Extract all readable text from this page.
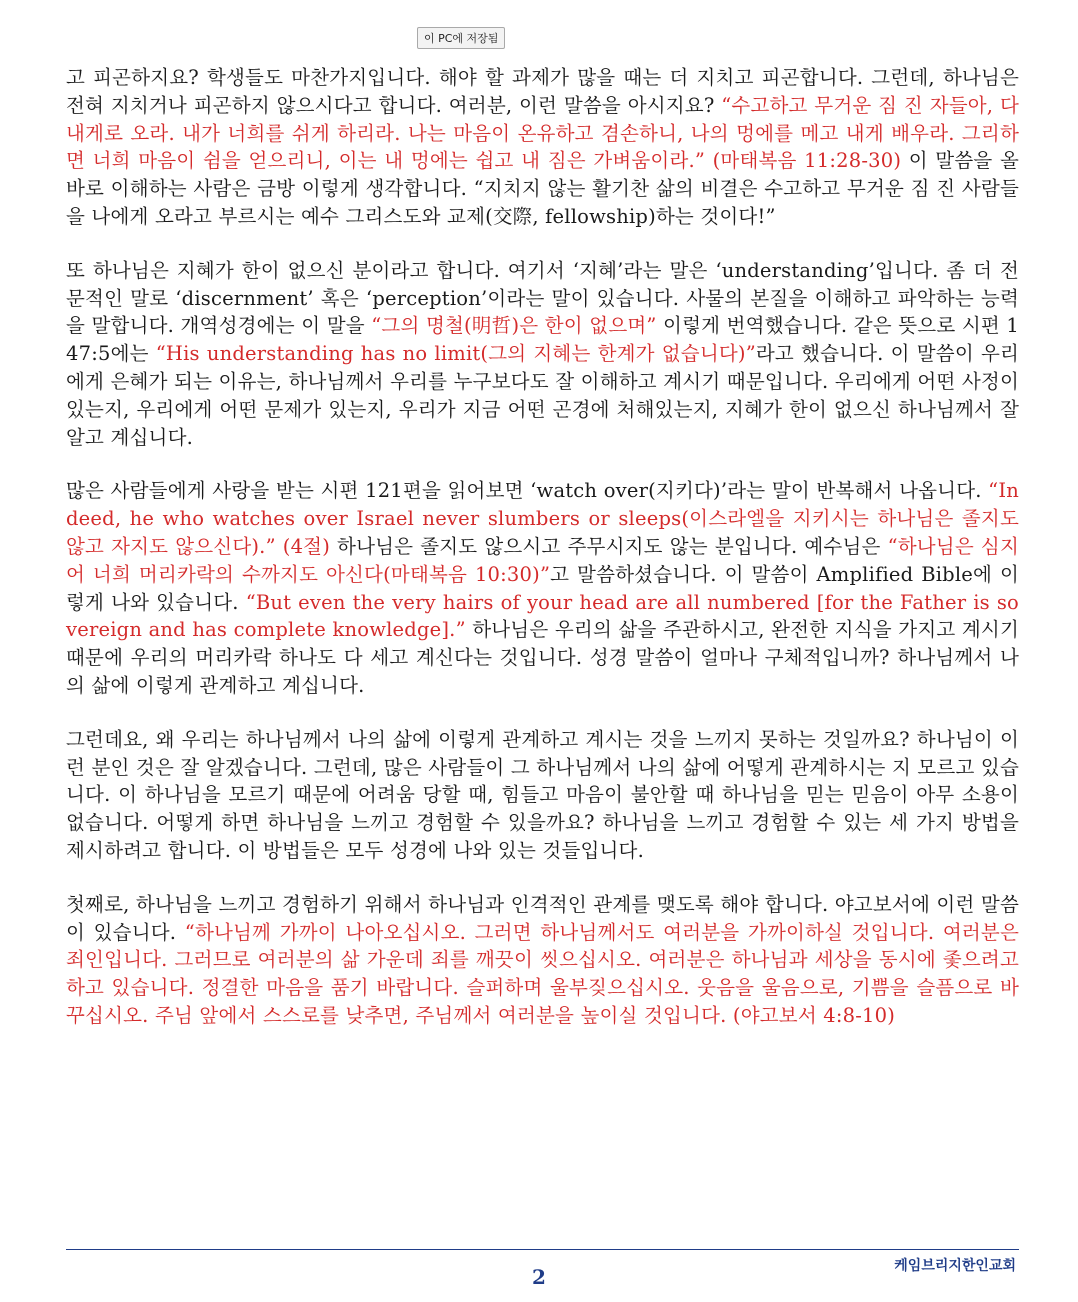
이 PC에 저장됨

고 피곤하지요? 학생들도 마찬가지입니다. 해야 할 과제가 많을 때는 더 지치고 피곤합니다. 그런데, 하나님은 전혀 지치거나 피곤하지 않으시다고 합니다. 여러분, 이런 말씀을 아시지요? “수고하고 무거운 짐 진 자들아, 다 내게로 오라. 내가 너희를 쉬게 하리라. 나는 마음이 온유하고 겸손하니, 나의 멍에를 메고 내게 배우라. 그리하면 너희 마음이 쉼을 얻으리니, 이는 내 멍에는 쉽고 내 짐은 가벼움이라.” (마태복음 11:28-30) 이 말씀을 올바로 이해하는 사람은 금방 이렇게 생각합니다. “지치지 않는 활기찬 삶의 비결은 수고하고 무거운 짐 진 사람들을 나에게 오라고 부르시는 예수 그리스도와 교제(交際, fellowship)하는 것이다!”

또 하나님은 지혜가 한이 없으신 분이라고 합니다. 여기서 ‘지혜’라는 말은 ‘understanding’입니다. 좀 더 전문적인 말로 ‘discernment’ 혹은 ‘perception’이라는 말이 있습니다. 사물의 본질을 이해하고 파악하는 능력을 말합니다. 개역성경에는 이 말을 “그의 명철(明哲)은 한이 없으며” 이렇게 번역했습니다. 같은 뜻으로 시편 147:5에는 “His understanding has no limit(그의 지혜는 한계가 없습니다)”라고 했습니다. 이 말씀이 우리에게 은혜가 되는 이유는, 하나님께서 우리를 누구보다도 잘 이해하고 계시기 때문입니다. 우리에게 어떤 사정이 있는지, 우리에게 어떤 문제가 있는지, 우리가 지금 어떤 곤경에 처해있는지, 지혜가 한이 없으신 하나님께서 잘 알고 계십니다.

많은 사람들에게 사랑을 받는 시편 121편을 읽어보면 ‘watch over(지키다)’라는 말이 반복해서 나옵니다. “Indeed, he who watches over Israel never slumbers or sleeps(이스라엘을 지키시는 하나님은 졸지도 않고 자지도 않으신다).” (4절) 하나님은 졸지도 않으시고 주무시지도 않는 분입니다. 예수님은 “하나님은 심지어 너희 머리카락의 수까지도 아신다(마태복음 10:30)”고 말씀하셨습니다. 이 말씀이 Amplified Bible에 이렇게 나와 있습니다. “But even the very hairs of your head are all numbered [for the Father is sovereign and has complete knowledge].” 하나님은 우리의 삶을 주관하시고, 완전한 지식을 가지고 계시기 때문에 우리의 머리카락 하나도 다 세고 계신다는 것입니다. 성경 말씀이 얼마나 구체적입니까? 하나님께서 나의 삶에 이렇게 관계하고 계십니다.

그런데요, 왜 우리는 하나님께서 나의 삶에 이렇게 관계하고 계시는 것을 느끼지 못하는 것일까요? 하나님이 이런 분인 것은 잘 알겠습니다. 그런데, 많은 사람들이 그 하나님께서 나의 삶에 어떻게 관계하시는 지 모르고 있습니다. 이 하나님을 모르기 때문에 어려움 당할 때, 힘들고 마음이 불안할 때 하나님을 믿는 믿음이 아무 소용이 없습니다. 어떻게 하면 하나님을 느끼고 경험할 수 있을까요? 하나님을 느끼고 경험할 수 있는 세 가지 방법을 제시하려고 합니다. 이 방법들은 모두 성경에 나와 있는 것들입니다.

첫째로, 하나님을 느끼고 경험하기 위해서 하나님과 인격적인 관계를 맺도록 해야 합니다. 야고보서에 이런 말씀이 있습니다. “하나님께 가까이 나아오십시오. 그러면 하나님께서도 여러분을 가까이하실 것입니다. 여러분은 죄인입니다. 그러므로 여러분의 삶 가운데 죄를 깨끗이 씻으십시오. 여러분은 하나님과 세상을 동시에 좇으려고 하고 있습니다. 정결한 마음을 품기 바랍니다. 슬퍼하며 울부짖으십시오. 웃음을 울음으로, 기쁨을 슬픔으로 바꾸십시오. 주님 앞에서 스스로를 낮추면, 주님께서 여러분을 높이실 것입니다. (야고보서 4:8-10)

케임브리지한인교회
2
